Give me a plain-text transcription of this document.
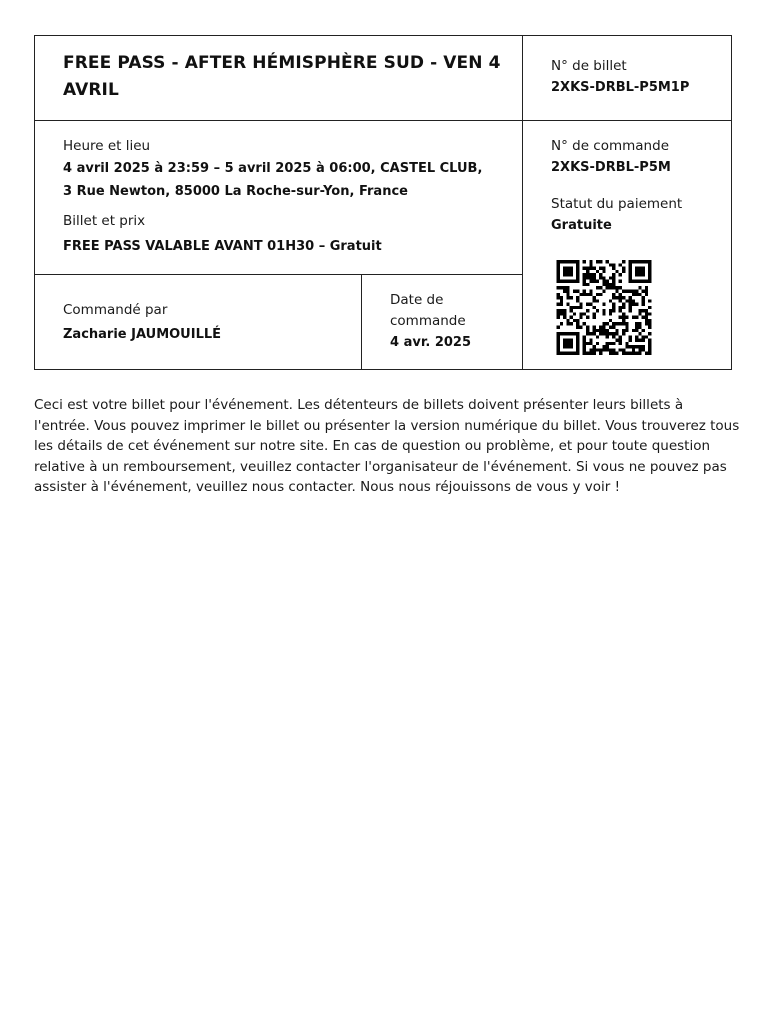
FREE PASS - AFTER HÉMISPHÈRE SUD - VEN 4 AVRIL
N° de billet
2XKS-DRBL-P5M1P
Heure et lieu
4 avril 2025 à 23:59 – 5 avril 2025 à 06:00, CASTEL CLUB, 3 Rue Newton, 85000 La Roche-sur-Yon, France
Billet et prix
FREE PASS VALABLE AVANT 01H30 – Gratuit
N° de commande
2XKS-DRBL-P5M
Statut du paiement
Gratuite
Commandé par
Zacharie JAUMOUILLÉ
Date de commande
4 avr. 2025
Ceci est votre billet pour l'événement. Les détenteurs de billets doivent présenter leurs billets à l'entrée. Vous pouvez imprimer le billet ou présenter la version numérique du billet. Vous trouverez tous les détails de cet événement sur notre site. En cas de question ou problème, et pour toute question relative à un remboursement, veuillez contacter l'organisateur de l'événement. Si vous ne pouvez pas assister à l'événement, veuillez nous contacter. Nous nous réjouissons de vous y voir !
